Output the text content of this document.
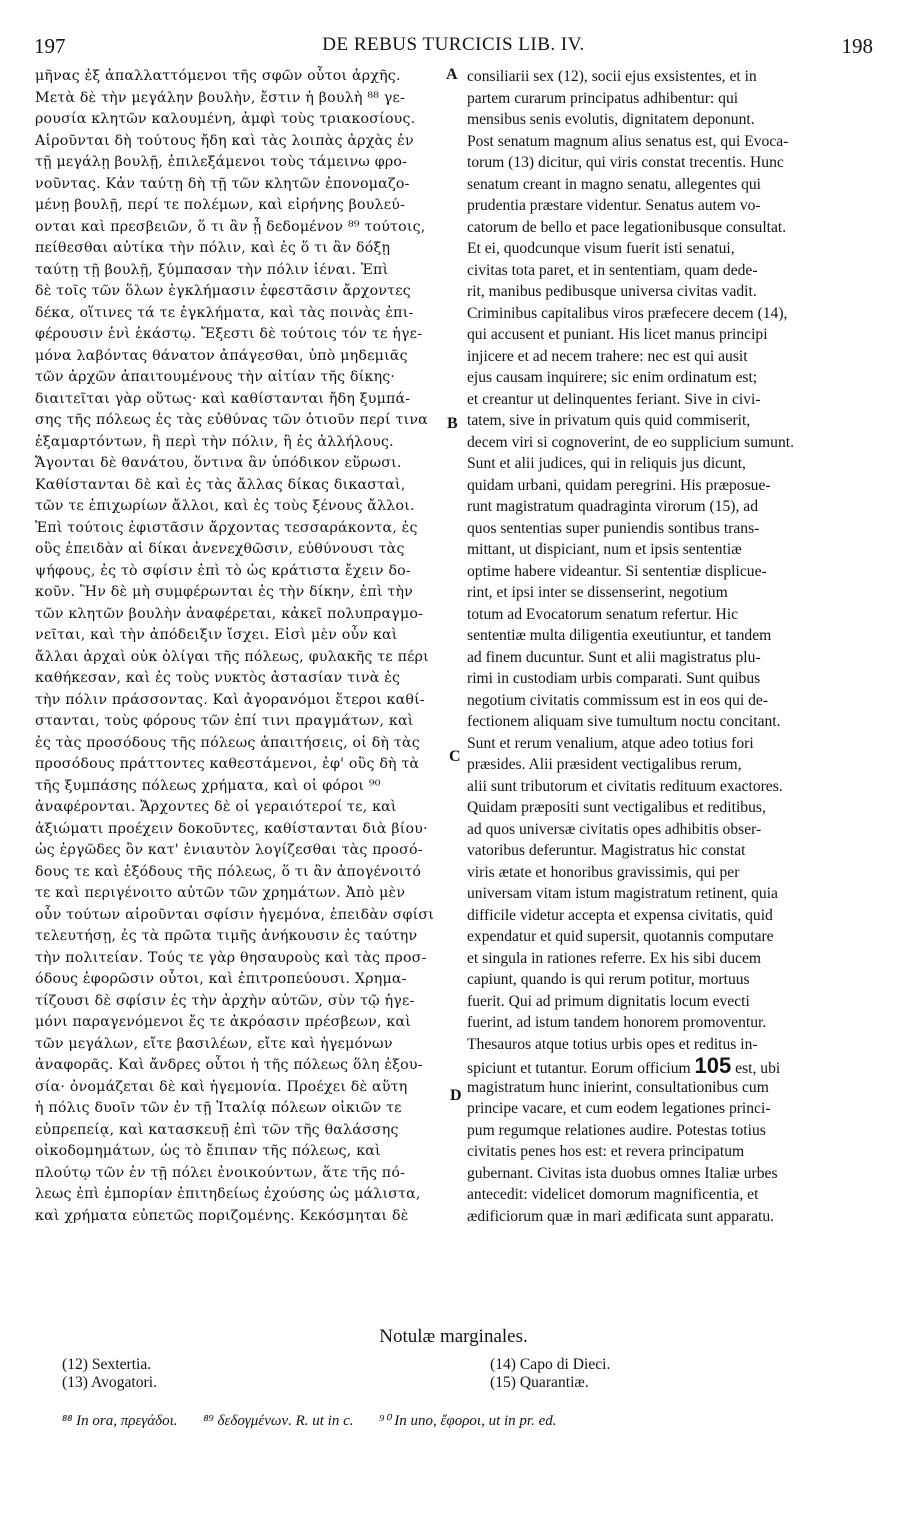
197	DE REBUS TURCICIS LIB. IV.	198
μῆνας ἐξ ἀπαλλαττόμενοι τῆς σφῶν οὗτοι ἀρχῆς.
Μετὰ δὲ τὴν μεγάλην βουλὴν, ἔστιν ἡ βουλὴ ⁸⁸ γε-
ρουσία κλητῶν καλουμένη, ἀμφὶ τοὺς τριακοσίους.
Αἱροῦνται δὴ τούτους ἤδη καὶ τὰς λοιπὰς ἀρχὰς ἐν
τῇ μεγάλῃ βουλῇ, ἐπιλεξάμενοι τοὺς τάμεινω φρο-
νοῦντας. Κἀν ταύτῃ δὴ τῇ τῶν κλητῶν ἐπονομαζο-
μένῃ βουλῇ, περί τε πολέμων, καὶ εἰρήνης βουλεύ-
ονται καὶ πρεσβειῶν, ὅ τι ἂν ᾖ δεδομένον ⁸⁹ τούτοις,
πείθεσθαι αὐτίκα τὴν πόλιν, καὶ ἐς ὅ τι ἂν δόξῃ
ταύτῃ τῇ βουλῇ, ξύμπασαν τὴν πόλιν ἰέναι. Ἐπὶ
δὲ τοῖς τῶν ὅλων ἐγκλήμασιν ἐφεστᾶσιν ἄρχοντες
δέκα, οἵτινες τά τε ἐγκλήματα, καὶ τὰς ποινὰς ἐπι-
φέρουσιν ἑνὶ ἑκάστῳ. Ἔξεστι δὲ τούτοις τόν τε ἡγε-
μόνα λαβόντας θάνατον ἀπάγεσθαι, ὑπὸ μηδεμιᾶς
τῶν ἀρχῶν ἀπαιτουμένους τὴν αἰτίαν τῆς δίκης·
διαιτεῖται γὰρ οὕτως· καὶ καθίστανται ἤδη ξυμπά-
σης τῆς πόλεως ἐς τὰς εὐθύνας τῶν ὁτιοῦν περί τινα
ἐξαμαρτόντων, ἢ περὶ τὴν πόλιν, ἢ ἐς ἀλλήλους.
Ἄγονται δὲ θανάτου, ὅντινα ἂν ὑπόδικον εὕρωσι.
Καθίστανται δὲ καὶ ἐς τὰς ἄλλας δίκας δικασταὶ,
τῶν τε ἐπιχωρίων ἄλλοι, καὶ ἐς τοὺς ξένους ἄλλοι.
Ἐπὶ τούτοις ἐφιστᾶσιν ἄρχοντας τεσσαράκοντα, ἐς
οὓς ἐπειδὰν αἱ δίκαι ἀνενεχθῶσιν, εὐθύνουσι τὰς
ψήφους, ἐς τὸ σφίσιν ἐπὶ τὸ ὡς κράτιστα ἔχειν δο-
κοῦν. Ἢν δὲ μὴ συμφέρωνται ἐς τὴν δίκην, ἐπὶ τὴν
τῶν κλητῶν βουλὴν ἀναφέρεται, κἀκεῖ πολυπραγμο-
νεῖται, καὶ τὴν ἀπόδειξιν ἴσχει. Εἰσὶ μὲν οὖν καὶ
ἄλλαι ἀρχαὶ οὐκ ὀλίγαι τῆς πόλεως, φυλακῆς τε πέρι
καθήκεσαν, καὶ ἐς τοὺς νυκτὸς ἀστασίαν τινὰ ἐς
τὴν πόλιν πράσσοντας. Καὶ ἀγορανόμοι ἕτεροι καθί-
στανται, τοὺς φόρους τῶν ἐπί τινι πραγμάτων, καὶ
ἐς τὰς προσόδους τῆς πόλεως ἀπαιτήσεις, οἱ δὴ τὰς
προσόδους πράττοντες καθεστάμενοι, ἐφ' οὓς δὴ τὰ
τῆς ξυμπάσης πόλεως χρήματα, καὶ οἱ φόροι ⁹⁰
ἀναφέρονται. Ἄρχοντες δὲ οἱ γεραιότεροί τε, καὶ
ἀξιώματι προέχειν δοκοῦντες, καθίστανται διὰ βίου·
ὡς ἐργῶδες ὂν κατ' ἐνιαυτὸν λογίζεσθαι τὰς προσό-
δους τε καὶ ἐξόδους τῆς πόλεως, ὅ τι ἂν ἀπογένοιτό
τε καὶ περιγένοιτο αὐτῶν τῶν χρημάτων. Ἀπὸ μὲν
οὖν τούτων αἱροῦνται σφίσιν ἡγεμόνα, ἐπειδὰν σφίσι
τελευτήσῃ, ἐς τὰ πρῶτα τιμῆς ἀνήκουσιν ἐς ταύτην
τὴν πολιτείαν. Τούς τε γὰρ θησαυροὺς καὶ τὰς προσ-
όδους ἐφορῶσιν οὗτοι, καὶ ἐπιτροπεύουσι. Χρημα-
τίζουσι δὲ σφίσιν ἐς τὴν ἀρχὴν αὐτῶν, σὺν τῷ ἡγε-
μόνι παραγενόμενοι ἔς τε ἀκρόασιν πρέσβεων, καὶ
τῶν μεγάλων, εἴτε βασιλέων, εἴτε καὶ ἡγεμόνων
ἀναφορᾶς. Καὶ ἄνδρες οὗτοι ἡ τῆς πόλεως ὅλη ἐξου-
σία· ὀνομάζεται δὲ καὶ ἡγεμονία. Προέχει δὲ αὕτη
ἡ πόλις δυοῖν τῶν ἐν τῇ Ἰταλίᾳ πόλεων οἰκιῶν τε
εὐπρεπείᾳ, καὶ κατασκευῇ ἐπὶ τῶν τῆς θαλάσσης
οἰκοδομημάτων, ὡς τὸ ἔπιπαν τῆς πόλεως, καὶ
πλούτῳ τῶν ἐν τῇ πόλει ἐνοικούντων, ἅτε τῆς πό-
λεως ἐπὶ ἐμπορίαν ἐπιτηδείως ἐχούσης ὡς μάλιστα,
καὶ χρήματα εὐπετῶς ποριζομένης. Κεκόσμηται δὲ
consiliarii sex (12), socii ejus exsistentes, et in
partem curarum principatus adhibentur: qui
mensibus senis evolutis, dignitatem deponunt.
Post senatum magnum alius senatus est, qui Evoca-
torum (13) dicitur, qui viris constat trecentis. Hunc
senatum creant in magno senatu, allegentes qui
prudentia præstare videntur. Senatus autem vo-
catorum de bello et pace legationibusque consultat.
Et ei, quodcunque visum fuerit isti senatui,
civitas tota paret, et in sententiam, quam dede-
rit, manibus pedibusque universa civitas vadit.
Criminibus capitalibus viros præfecere decem (14),
qui accusent et puniant. His licet manus principi
injicere et ad necem trahere: nec est qui ausit
ejus causam inquirere; sic enim ordinatum est;
et creantur ut delinquentes feriant. Sive in civi-
tatem, sive in privatum quis quid commiserit,
decem viri si cognoverint, de eo supplicium sumunt.
Sunt et alii judices, qui in reliquis jus dicunt,
quidam urbani, quidam peregrini. His præposue-
runt magistratum quadraginta virorum (15), ad
quos sententias super puniendis sontibus trans-
mittant, ut dispiciant, num et ipsis sententiæ
optime habere videantur. Si sententiæ displicue-
rint, et ipsi inter se dissenserint, negotium
totum ad Evocatorum senatum refertur. Hic
sententiæ multa diligentia exeutiuntur, et tandem
ad finem ducuntur. Sunt et alii magistratus plu-
rimi in custodiam urbis comparati. Sunt quibus
negotium civitatis commissum est in eos qui de-
fectionem aliquam sive tumultum noctu concitant.
Sunt et rerum venalium, atque adeo totius fori
præsides. Alii præsident vectigalibus rerum,
alii sunt tributorum et civitatis redituum exactores.
Quidam præpositi sunt vectigalibus et reditibus,
ad quos universæ civitatis opes adhibitis obser-
vatoribus deferuntur. Magistratus hic constat
viris ætate et honoribus gravissimis, qui per
universam vitam istum magistratum retinent, quia
difficile videtur accepta et expensa civitatis, quid
expendatur et quid supersit, quotannis computare
et singula in rationes referre. Ex his sibi ducem
capiunt, quando is qui rerum potitur, mortuus
fuerit. Qui ad primum dignitatis locum evecti
fuerint, ad istum tandem honorem promoventur.
Thesauros atque totius urbis opes et reditus in-
spiciunt et tutantur. Eorum officium 105 est, ubi
magistratum hunc inierint, consultationibus cum
principe vacare, et cum eodem legationes princi-
pum regumque relationes audire. Potestas totius
civitatis penes hos est: et revera principatum
gubernant. Civitas ista duobus omnes Italiæ urbes
antecedit: videlicet domorum magnificentia, et
ædificiorum quæ in mari ædificata sunt apparatu.
A
B
C
D
Notulæ marginales.
(12) Sextertia.
(13) Avogatori.
(14) Capo di Dieci.
(15) Quarantiæ.
⁸⁸ In ora, πρεγάδοι. ⁸⁹ δεδογμένων. R. ut in c. ⁹⁰ In uno, ἔφοροι, ut in pr. ed.
